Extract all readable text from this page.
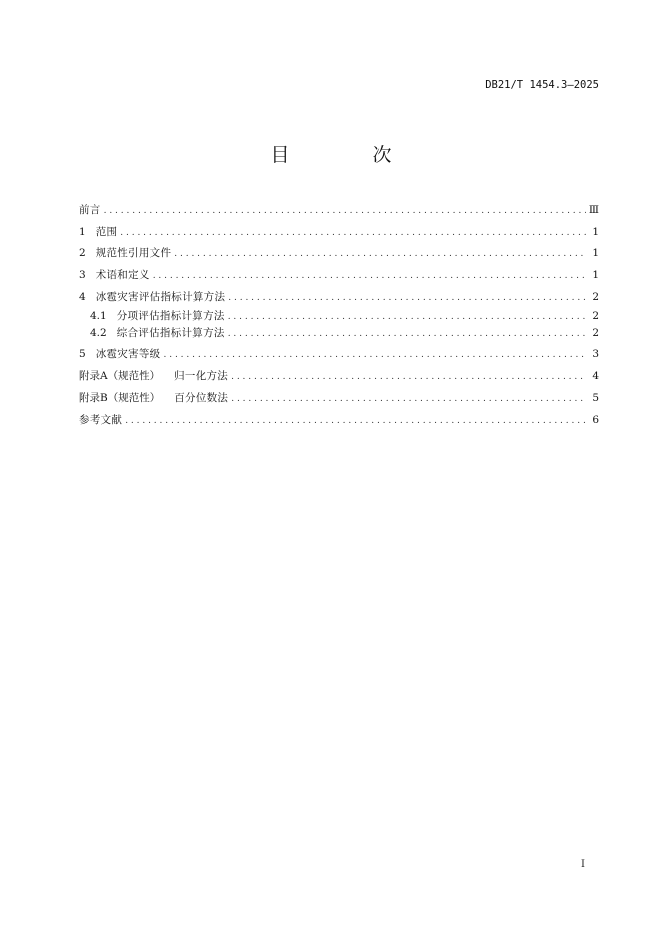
DB21/T 1454.3—2025
目　次
前言 . . .	Ⅲ
1 范围 . . .	1
2 规范性引用文件 . . .	1
3 术语和定义 . . .	1
4 冰雹灾害评估指标计算方法 . . .	2
4.1 分项评估指标计算方法 . . .	2
4.2 综合评估指标计算方法 . . .	2
5 冰雹灾害等级 . . .	3
附录A（规范性） 归一化方法 . . .	4
附录B（规范性） 百分位数法 . . .	5
参考文献 . . .	6
I
